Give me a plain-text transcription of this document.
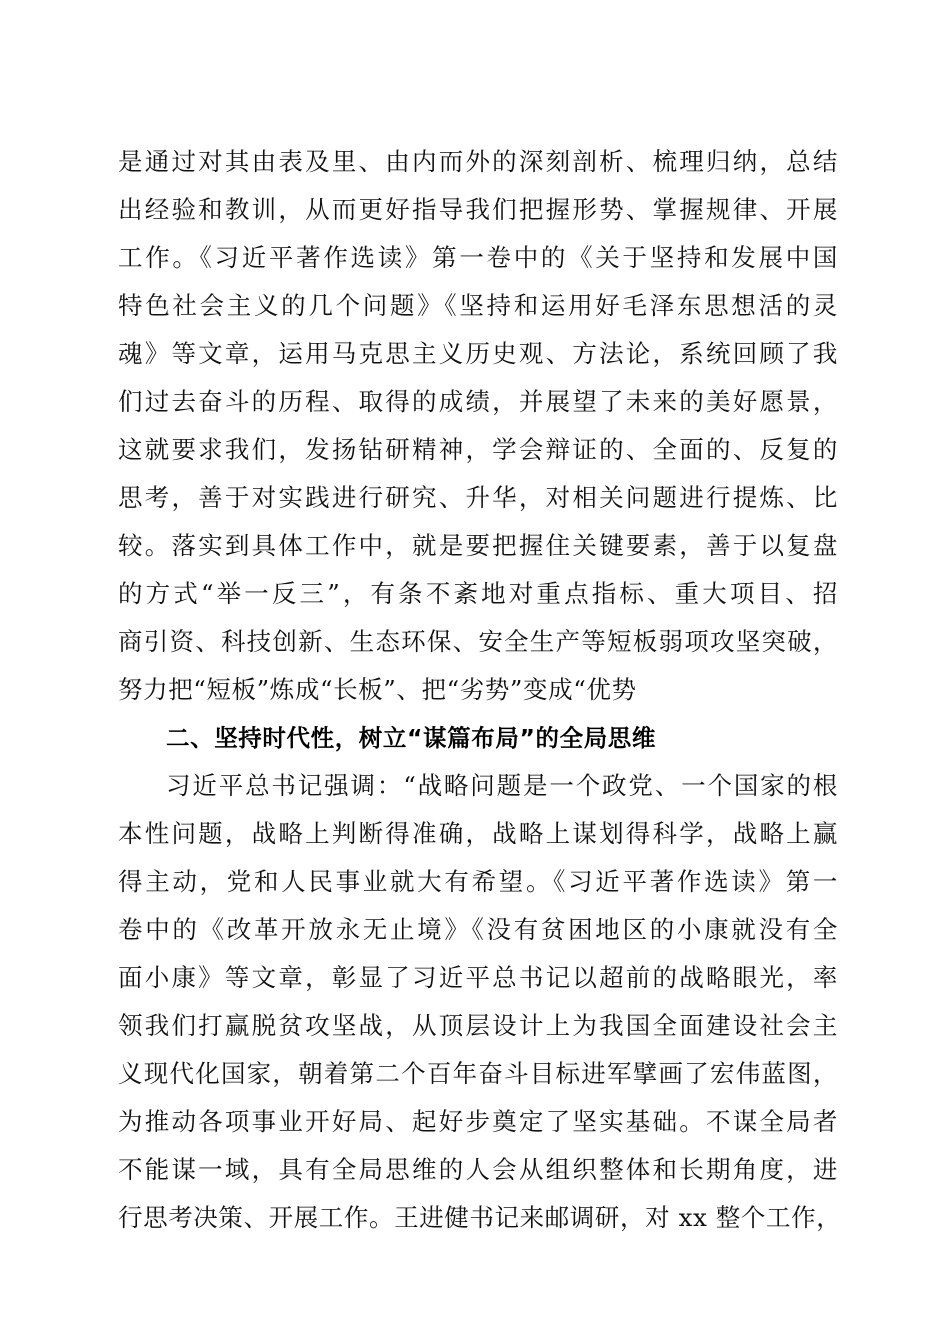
是通过对其由表及里、由内而外的深刻剖析、梳理归纳，总结
出经验和教训，从而更好指导我们把握形势、掌握规律、开展
工作。《习近平著作选读》第一卷中的《关于坚持和发展中国
特色社会主义的几个问题》《坚持和运用好毛泽东思想活的灵
魂》等文章，运用马克思主义历史观、方法论，系统回顾了我
们过去奋斗的历程、取得的成绩，并展望了未来的美好愿景，
这就要求我们，发扬钻研精神，学会辩证的、全面的、反复的
思考，善于对实践进行研究、升华，对相关问题进行提炼、比
较。落实到具体工作中，就是要把握住关键要素，善于以复盘
的方式“举一反三”，有条不紊地对重点指标、重大项目、招
商引资、科技创新、生态环保、安全生产等短板弱项攻坚突破，
努力把“短板”炼成“长板”、把“劣势”变成“优势
二、坚持时代性，树立“谋篇布局”的全局思维
习近平总书记强调：“战略问题是一个政党、一个国家的根
本性问题，战略上判断得准确，战略上谋划得科学，战略上赢
得主动，党和人民事业就大有希望。《习近平著作选读》第一
卷中的《改革开放永无止境》《没有贫困地区的小康就没有全
面小康》等文章，彰显了习近平总书记以超前的战略眼光，率
领我们打赢脱贫攻坚战，从顶层设计上为我国全面建设社会主
义现代化国家，朝着第二个百年奋斗目标进军擘画了宏伟蓝图，
为推动各项事业开好局、起好步奠定了坚实基础。不谋全局者
不能谋一域，具有全局思维的人会从组织整体和长期角度，进
行思考决策、开展工作。王进健书记来邮调研，对 xx 整个工作，
